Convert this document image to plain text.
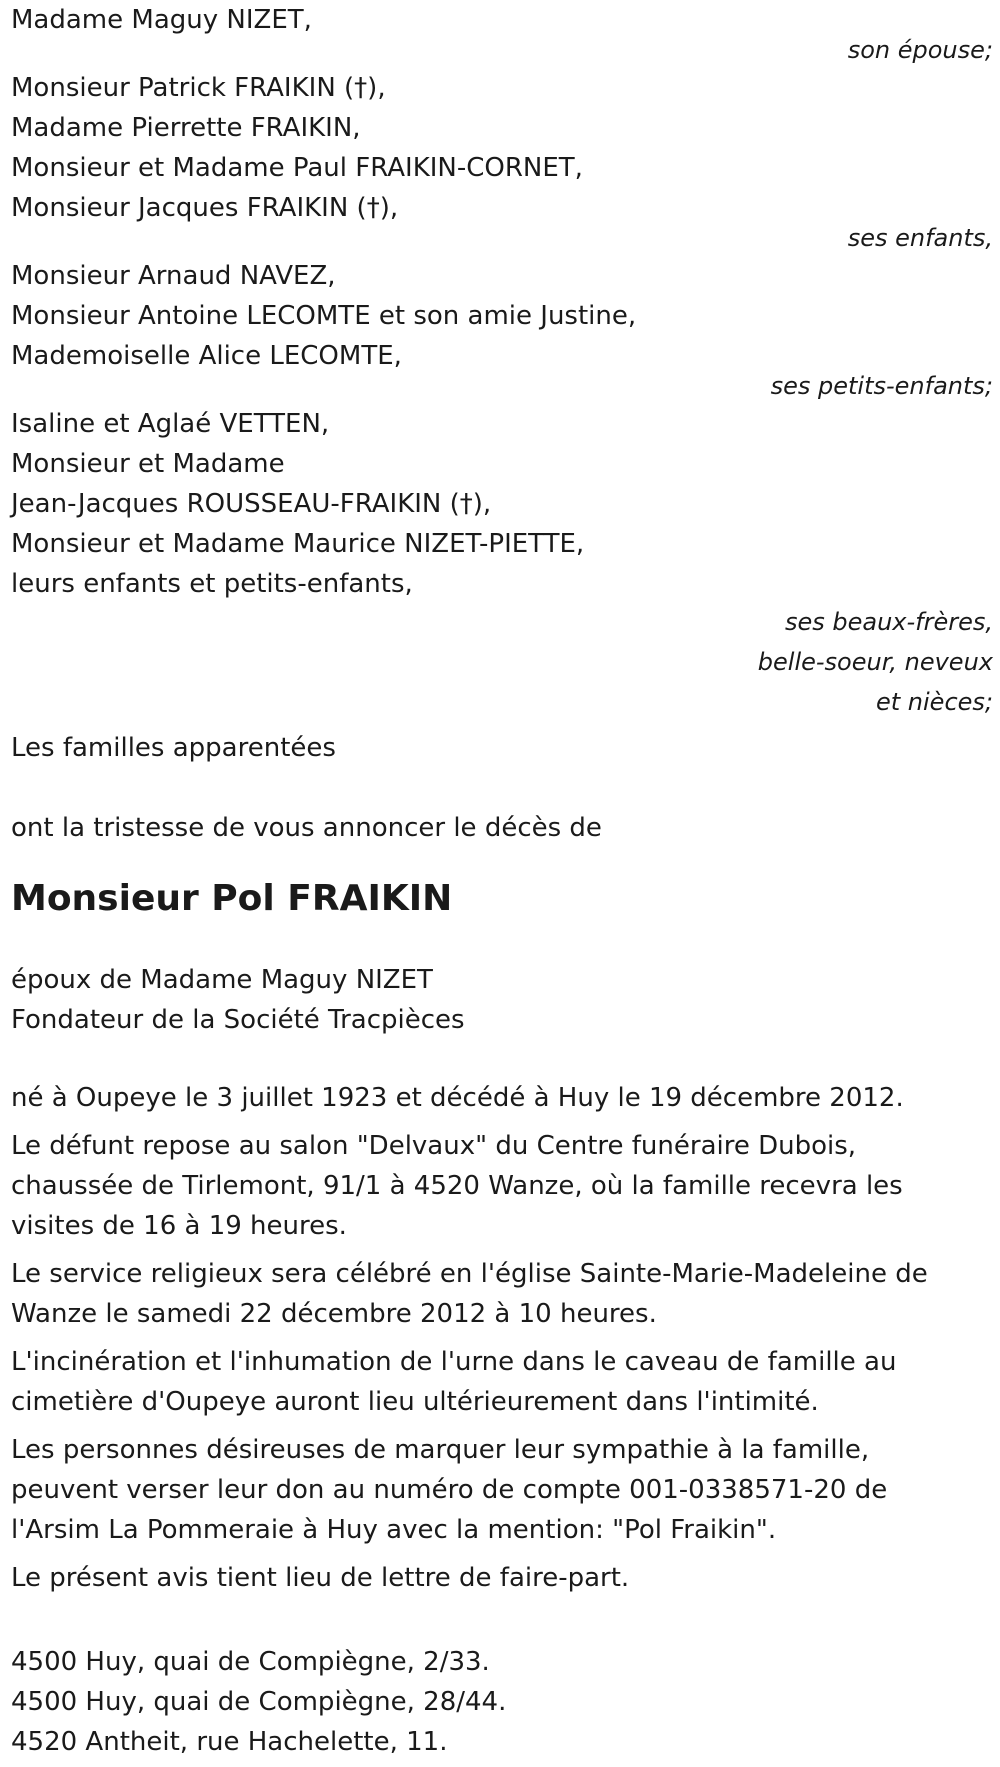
Madame Maguy NIZET,
son épouse;
Monsieur Patrick FRAIKIN (†),
Madame Pierrette FRAIKIN,
Monsieur et Madame Paul FRAIKIN-CORNET,
Monsieur Jacques FRAIKIN (†),
ses enfants,
Monsieur Arnaud NAVEZ,
Monsieur Antoine LECOMTE et son amie Justine,
Mademoiselle Alice LECOMTE,
ses petits-enfants;
Isaline et Aglaé VETTEN,
Monsieur et Madame
Jean-Jacques ROUSSEAU-FRAIKIN (†),
Monsieur et Madame Maurice NIZET-PIETTE,
leurs enfants et petits-enfants,
ses beaux-frères,
belle-soeur, neveux
et nièces;
Les familles apparentées
ont la tristesse de vous annoncer le décès de
Monsieur Pol FRAIKIN
époux de Madame Maguy NIZET
Fondateur de la Société Tracpièces
né à Oupeye le 3 juillet 1923 et décédé à Huy le 19 décembre 2012.
Le défunt repose au salon "Delvaux" du Centre funéraire Dubois, chaussée de Tirlemont, 91/1 à 4520 Wanze, où la famille recevra les visites de 16 à 19 heures.
Le service religieux sera célébré en l'église Sainte-Marie-Madeleine de Wanze le samedi 22 décembre 2012 à 10 heures.
L'incinération et l'inhumation de l'urne dans le caveau de famille au cimetière d'Oupeye auront lieu ultérieurement dans l'intimité.
Les personnes désireuses de marquer leur sympathie à la famille, peuvent verser leur don au numéro de compte 001-0338571-20 de l'Arsim La Pommeraie à Huy avec la mention: "Pol Fraikin".
Le présent avis tient lieu de lettre de faire-part.
4500 Huy, quai de Compiègne, 2/33.
4500 Huy, quai de Compiègne, 28/44.
4520 Antheit, rue Hachelette, 11.
